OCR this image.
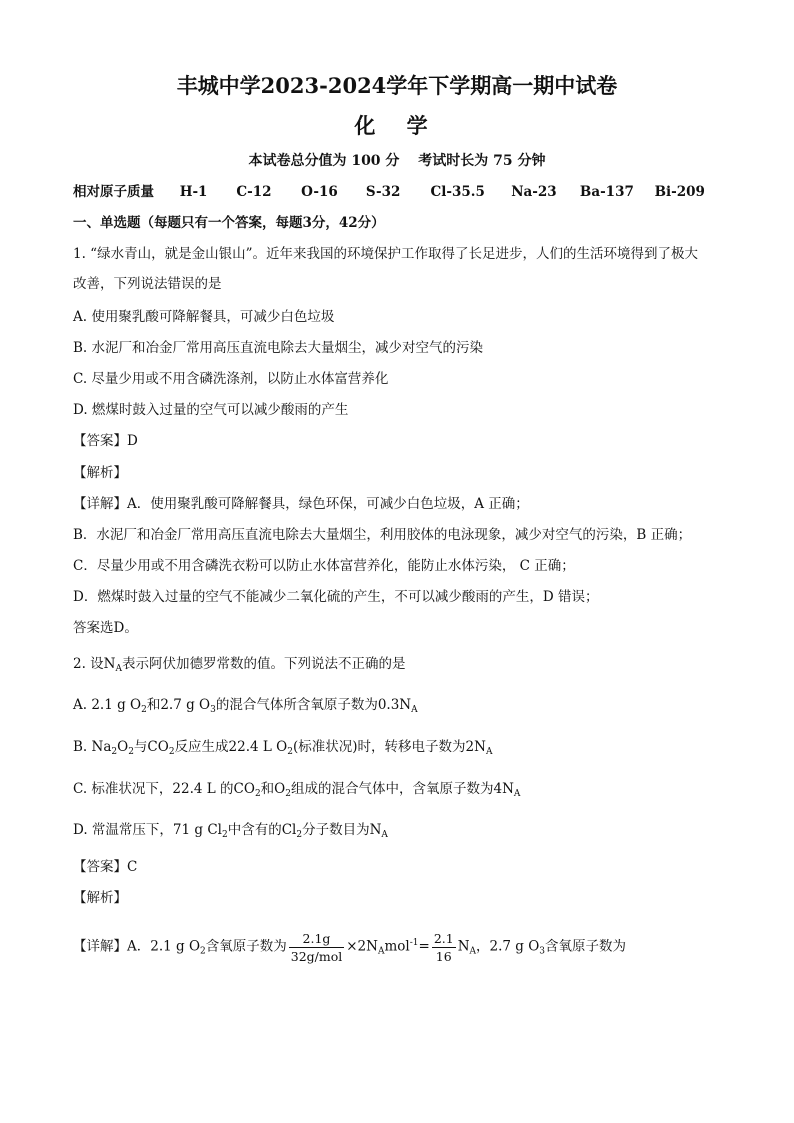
丰城中学2023-2024学年下学期高一期中试卷
化 学
本试卷总分值为 100 分　 考试时长为 75 分钟
相对原子质量 H-1 C-12 O-16 S-32 Cl-35.5 Na-23 Ba-137 Bi-209
一、单选题（每题只有一个答案，每题3分，42分）
1. “绿水青山，就是金山银山”。近年来我国的环境保护工作取得了长足进步，人们的生活环境得到了极大
改善，下列说法错误的是
A. 使用聚乳酸可降解餐具，可减少白色垃圾
B. 水泥厂和冶金厂常用高压直流电除去大量烟尘，减少对空气的污染
C. 尽量少用或不用含磷洗涤剂，以防止水体富营养化
D. 燃煤时鼓入过量的空气可以减少酸雨的产生
【答案】D
【解析】
【详解】A．使用聚乳酸可降解餐具，绿色环保，可减少白色垃圾，A 正确；
B．水泥厂和冶金厂常用高压直流电除去大量烟尘，利用胶体的电泳现象，减少对空气的污染，B 正确；
C．尽量少用或不用含磷洗衣粉可以防止水体富营养化，能防止水体污染， C 正确；
D．燃煤时鼓入过量的空气不能减少二氧化硫的产生，不可以减少酸雨的产生，D 错误；
答案选D。
2. 设$N_A$表示阿伏加德罗常数的值。下列说法不正确的是
A. 2.1 g $O_2$和2.7 g $O_3$的混合气体所含氧原子数为$0.3N_A$
B. $Na_2O_2$与$CO_2$反应生成22.4 L $O_2$(标准状况)时，转移电子数为$2N_A$
C. 标准状况下，22.4 L 的$CO_2$和$O_2$组成的混合气体中，含氧原子数为$4N_A$
D. 常温常压下，71 g $Cl_2$中含有的$Cl_2$分子数目为$N_A$
【答案】C
【解析】
【详解】A．2.1 g $O_2$含氧原子数为 $\frac{2.1g}{\text{32g/mol}} \times 2N_Amol^{-1}= \frac{2.1}{16} N_A$，2.7 g $O_3$含氧原子数为
